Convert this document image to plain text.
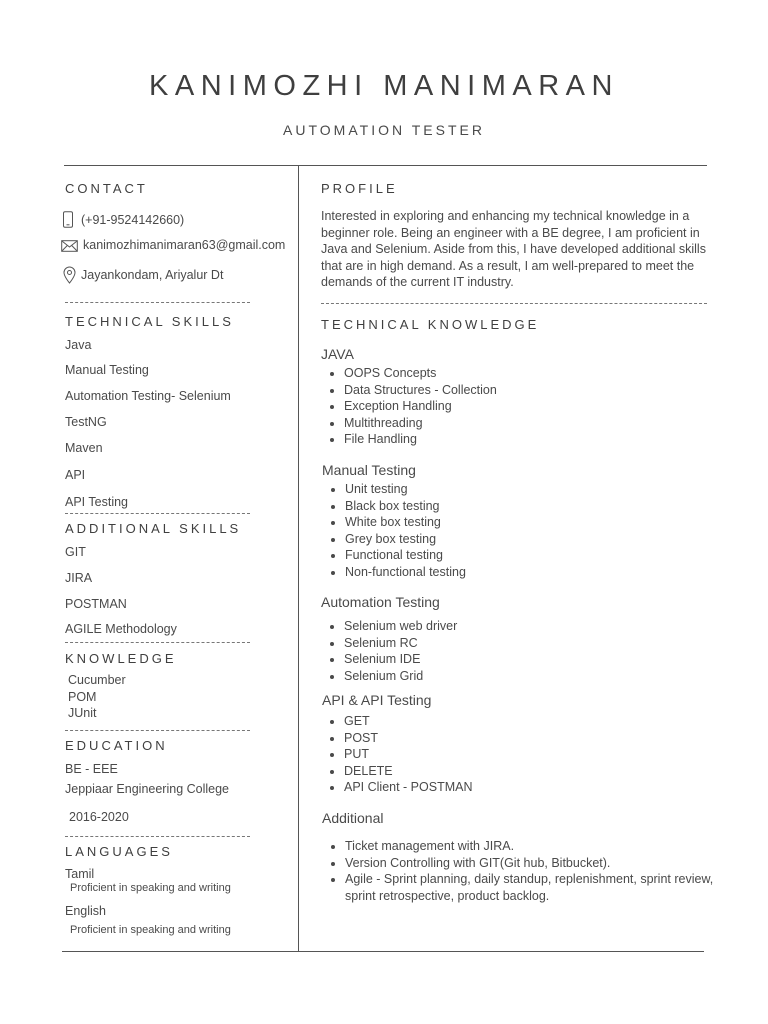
KANIMOZHI MANIMARAN
AUTOMATION TESTER
CONTACT
(+91-9524142660)
kanimozhimanimaran63@gmail.com
Jayankondam, Ariyalur Dt
TECHNICAL SKILLS
Java
Manual Testing
Automation Testing- Selenium
TestNG
Maven
API
API Testing
ADDITIONAL SKILLS
GIT
JIRA
POSTMAN
AGILE Methodology
KNOWLEDGE
Cucumber
POM
JUnit
EDUCATION
BE - EEE
Jeppiaar Engineering College
2016-2020
LANGUAGES
Tamil
Proficient in speaking and writing
English
Proficient in speaking and writing
PROFILE
Interested in exploring and enhancing my technical knowledge in a beginner role. Being an engineer with a BE degree, I am proficient in Java and Selenium. Aside from this, I have developed additional skills that are in high demand. As a result, I am well-prepared to meet the demands of the current IT industry.
TECHNICAL KNOWLEDGE
JAVA
• OOPS Concepts
• Data Structures - Collection
• Exception Handling
• Multithreading
• File Handling
Manual Testing
• Unit testing
• Black box testing
• White box testing
• Grey box testing
• Functional testing
• Non-functional testing
Automation Testing
• Selenium web driver
• Selenium RC
• Selenium IDE
• Selenium Grid
API & API Testing
• GET
• POST
• PUT
• DELETE
• API Client - POSTMAN
Additional
• Ticket management with JIRA.
• Version Controlling with GIT(Git hub, Bitbucket).
• Agile - Sprint planning, daily standup, replenishment, sprint review, sprint retrospective, product backlog.
